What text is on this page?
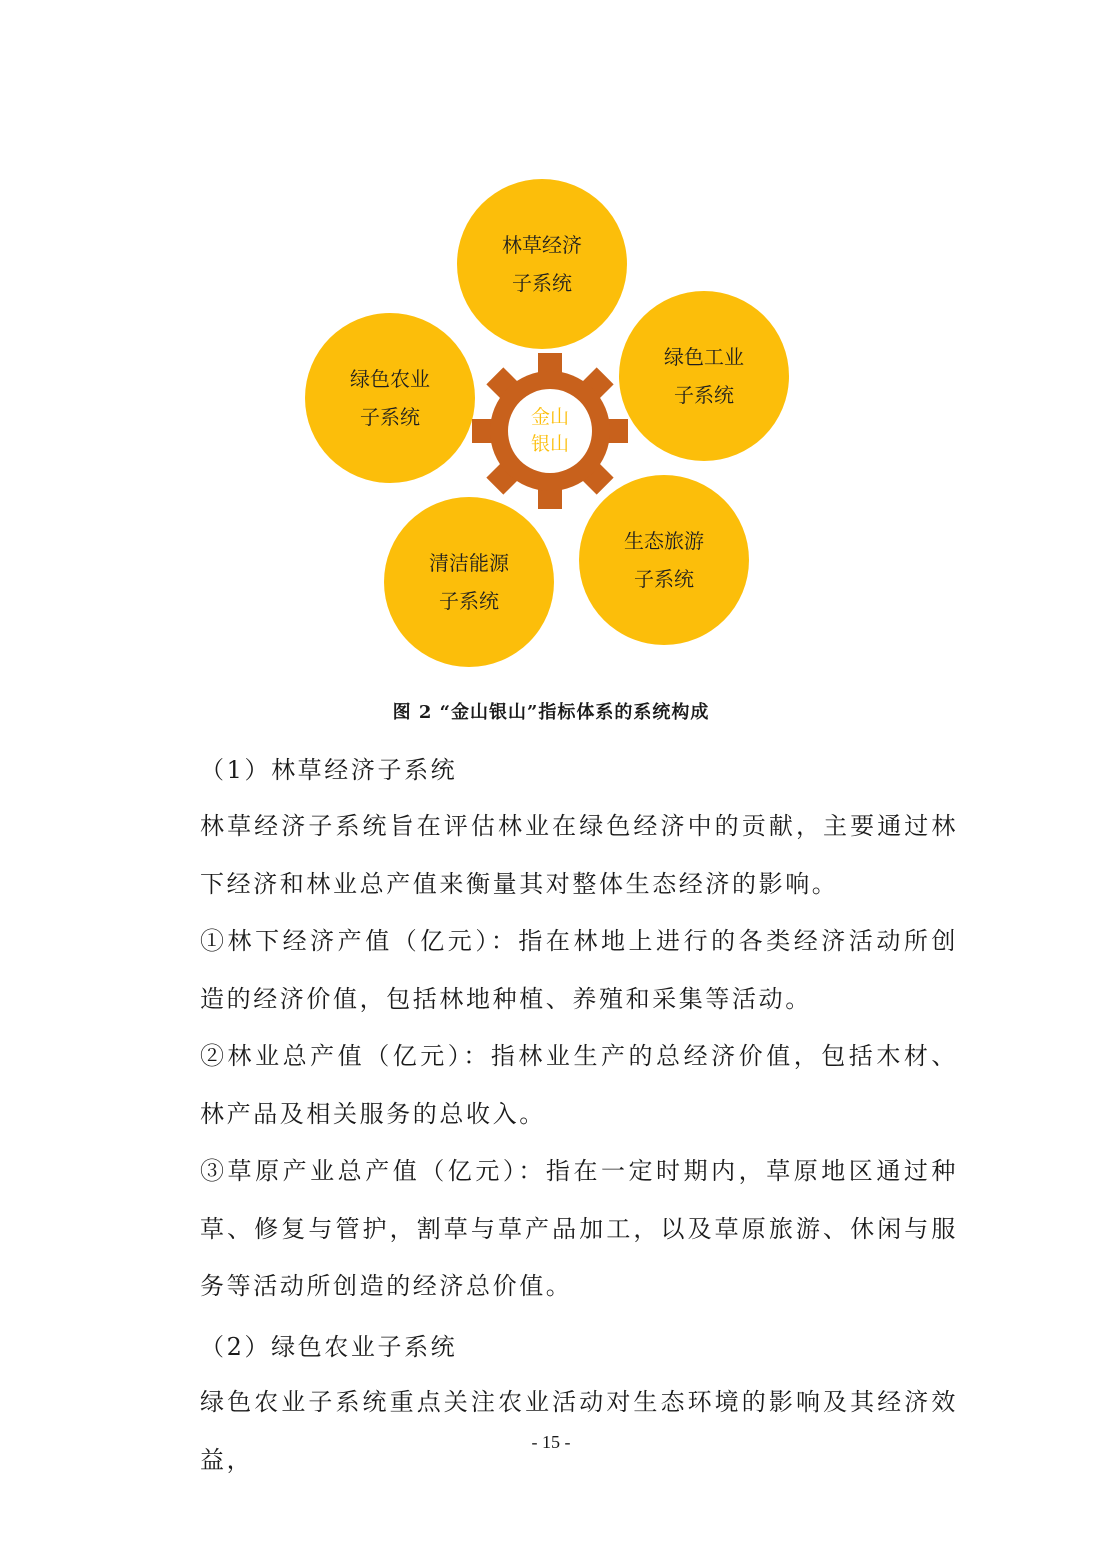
林草经济
子系统
绿色工业
子系统
生态旅游
子系统
清洁能源
子系统
绿色农业
子系统	金山
银山
图 2 “金山银山”指标体系的系统构成
（1）林草经济子系统
林草经济子系统旨在评估林业在绿色经济中的贡献，主要通过林下经济和林业总产值来衡量其对整体生态经济的影响。
①林下经济产值（亿元）：指在林地上进行的各类经济活动所创造的经济价值，包括林地种植、养殖和采集等活动。
②林业总产值（亿元）：指林业生产的总经济价值，包括木材、林产品及相关服务的总收入。
③草原产业总产值（亿元）：指在一定时期内，草原地区通过种草、修复与管护，割草与草产品加工，以及草原旅游、休闲与服务等活动所创造的经济总价值。
（2）绿色农业子系统
绿色农业子系统重点关注农业活动对生态环境的影响及其经济效益，
- 15 -
